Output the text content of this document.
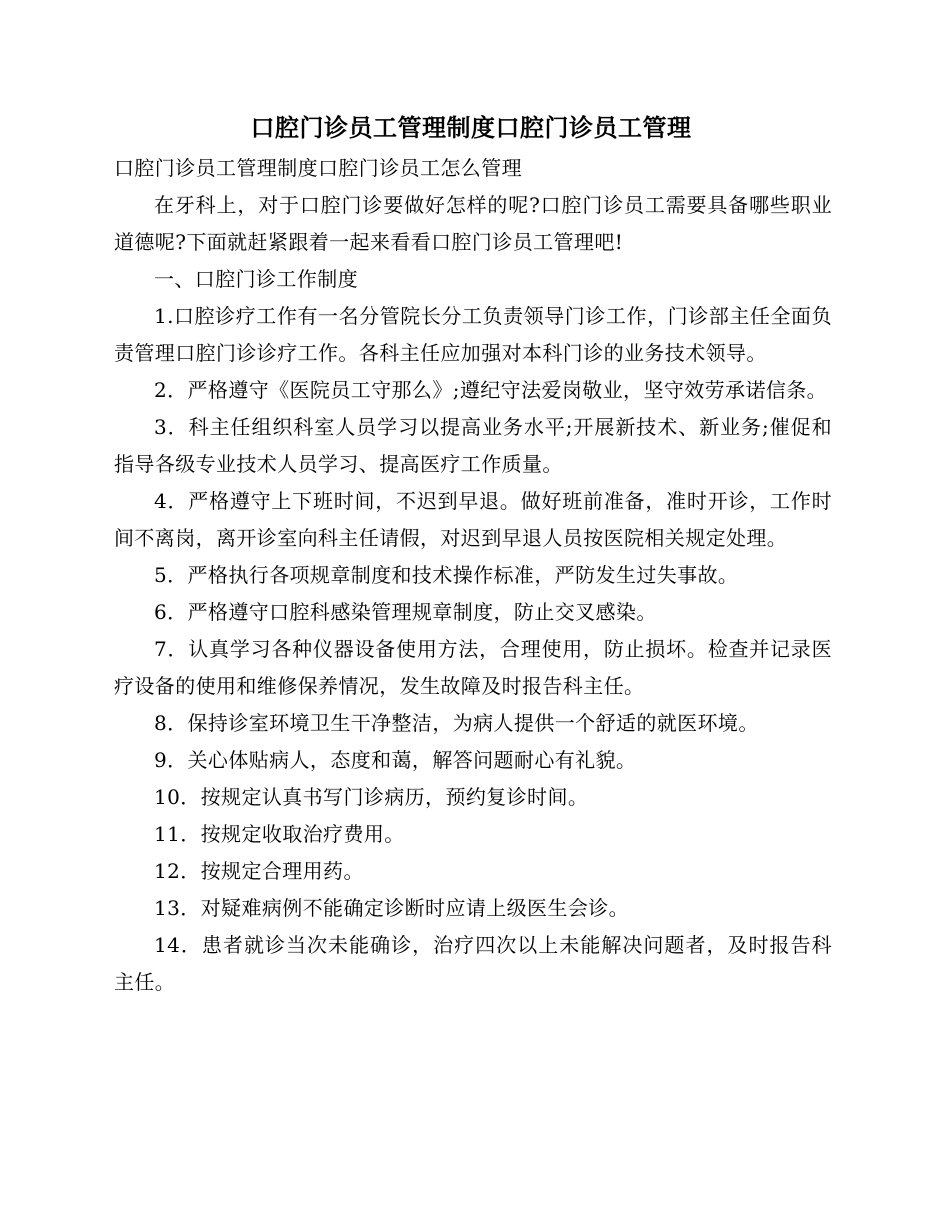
口腔门诊员工管理制度口腔门诊员工管理

口腔门诊员工管理制度口腔门诊员工怎么管理

在牙科上，对于口腔门诊要做好怎样的呢?口腔门诊员工需要具备哪些职业道德呢?下面就赶紧跟着一起来看看口腔门诊员工管理吧!

一、口腔门诊工作制度

1.口腔诊疗工作有一名分管院长分工负责领导门诊工作，门诊部主任全面负责管理口腔门诊诊疗工作。各科主任应加强对本科门诊的业务技术领导。

2．严格遵守《医院员工守那么》;遵纪守法爱岗敬业，坚守效劳承诺信条。

3．科主任组织科室人员学习以提高业务水平;开展新技术、新业务;催促和指导各级专业技术人员学习、提高医疗工作质量。

4．严格遵守上下班时间，不迟到早退。做好班前准备，准时开诊，工作时间不离岗，离开诊室向科主任请假，对迟到早退人员按医院相关规定处理。

5．严格执行各项规章制度和技术操作标准，严防发生过失事故。

6．严格遵守口腔科感染管理规章制度，防止交叉感染。

7．认真学习各种仪器设备使用方法，合理使用，防止损坏。检查并记录医疗设备的使用和维修保养情况，发生故障及时报告科主任。

8．保持诊室环境卫生干净整洁，为病人提供一个舒适的就医环境。

9．关心体贴病人，态度和蔼，解答问题耐心有礼貌。

10．按规定认真书写门诊病历，预约复诊时间。

11．按规定收取治疗费用。

12．按规定合理用药。

13．对疑难病例不能确定诊断时应请上级医生会诊。

14．患者就诊当次未能确诊，治疗四次以上未能解决问题者，及时报告科主任。
